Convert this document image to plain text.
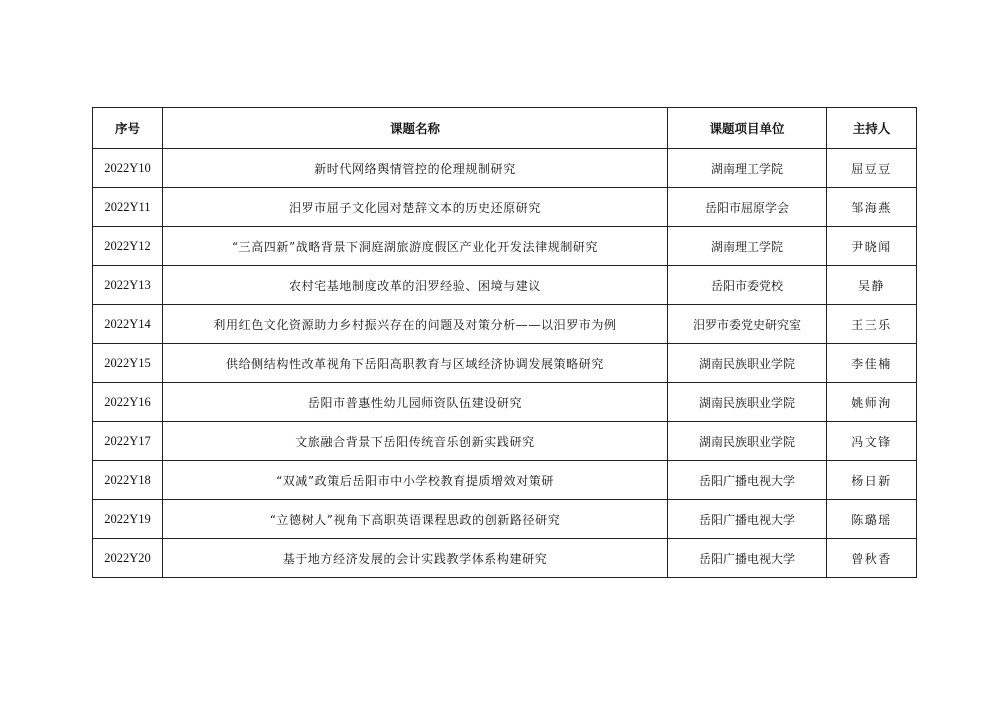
序号	课题名称	课题项目单位	主持人
2022Y10	新时代网络舆情管控的伦理规制研究	湖南理工学院	屈豆豆
2022Y11	汨罗市屈子文化园对楚辞文本的历史还原研究	岳阳市屈原学会	邹海燕
2022Y12	“三高四新”战略背景下洞庭湖旅游度假区产业化开发法律规制研究	湖南理工学院	尹晓闻
2022Y13	农村宅基地制度改革的汨罗经验、困境与建议	岳阳市委党校	吴静
2022Y14	利用红色文化资源助力乡村振兴存在的问题及对策分析——以汨罗市为例	汨罗市委党史研究室	王三乐
2022Y15	供给侧结构性改革视角下岳阳高职教育与区域经济协调发展策略研究	湖南民族职业学院	李佳楠
2022Y16	岳阳市普惠性幼儿园师资队伍建设研究	湖南民族职业学院	姚师洵
2022Y17	文旅融合背景下岳阳传统音乐创新实践研究	湖南民族职业学院	冯文锋
2022Y18	“双减”政策后岳阳市中小学校教育提质增效对策研	岳阳广播电视大学	杨日新
2022Y19	“立德树人”视角下高职英语课程思政的创新路径研究	岳阳广播电视大学	陈璐瑶
2022Y20	基于地方经济发展的会计实践教学体系构建研究	岳阳广播电视大学	曾秋香
